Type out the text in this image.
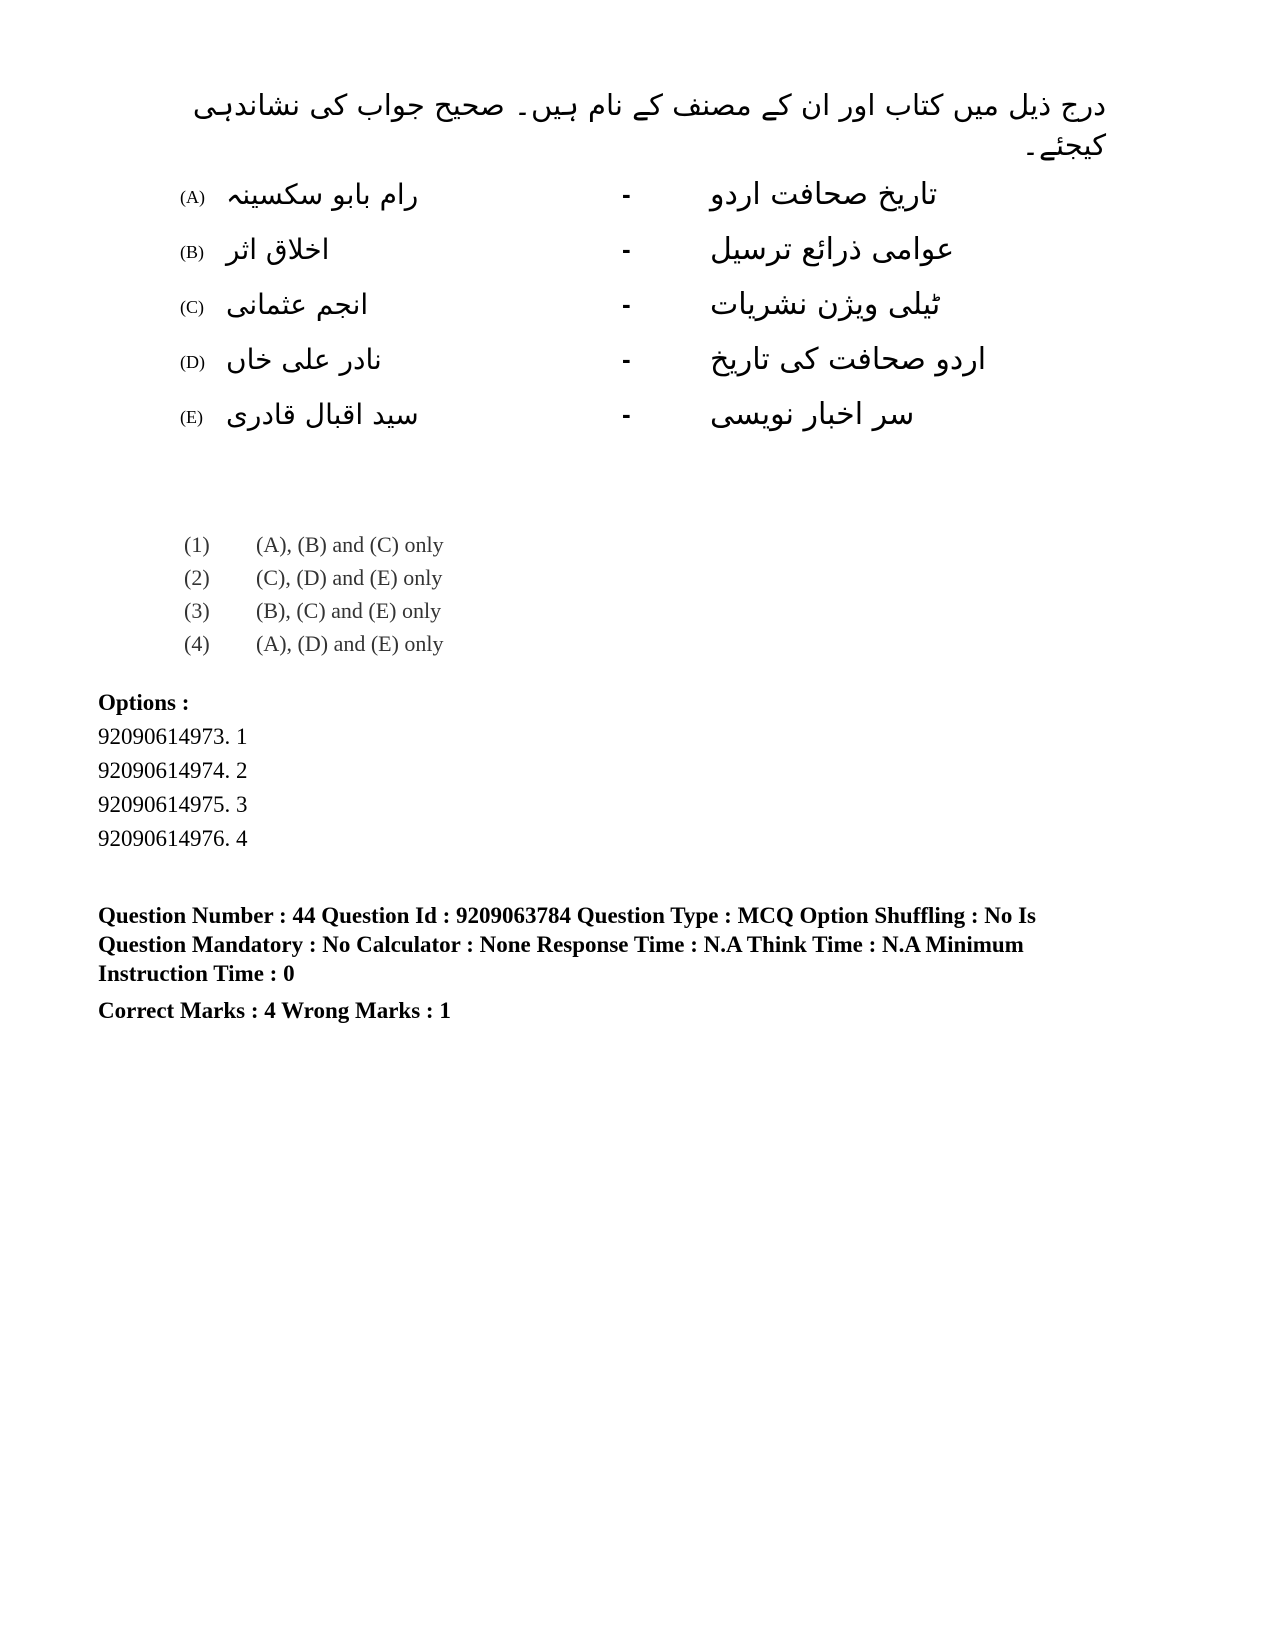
درج ذیل میں کتاب اور ان کے مصنف کے نام ہیں۔ صحیح جواب کی نشاندہی کیجئے۔
(A) رام بابو سکسینہ	-	تاریخ صحافت اردو
(B) اخلاق اثر	-	عوامی ذرائع ترسیل
(C) انجم عثمانی	-	ٹیلی ویژن نشریات
(D) نادر علی خاں	-	اردو صحافت کی تاریخ
(E) سید اقبال قادری	-	سر اخبار نویسی
(1) (A), (B) and (C) only
(2) (C), (D) and (E) only
(3) (B), (C) and (E) only
(4) (A), (D) and (E) only
Options :
92090614973. 1
92090614974. 2
92090614975. 3
92090614976. 4
Question Number : 44 Question Id : 9209063784 Question Type : MCQ Option Shuffling : No Is
Question Mandatory : No Calculator : None Response Time : N.A Think Time : N.A Minimum
Instruction Time : 0
Correct Marks : 4 Wrong Marks : 1
